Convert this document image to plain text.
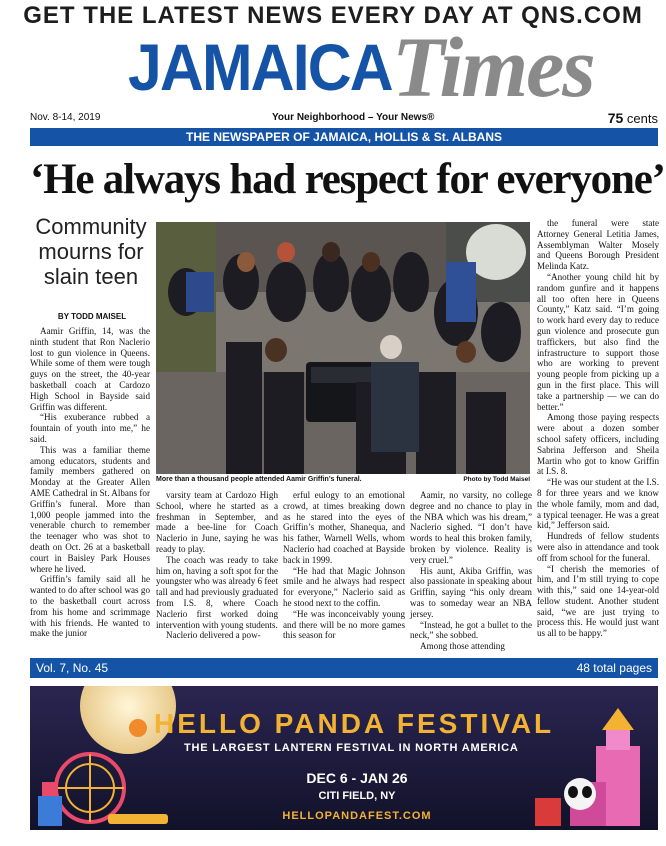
GET THE LATEST NEWS EVERY DAY AT QNS.COM
JAMAICA Times
Nov. 8-14, 2019	Your Neighborhood – Your News®	75 cents
THE NEWSPAPER OF JAMAICA, HOLLIS & St. ALBANS
‘He always had respect for everyone’
Community mourns for slain teen
BY TODD MAISEL

Aamir Griffin, 14, was the ninth student that Ron Naclerio lost to gun violence in Queens. While some of them were tough guys on the street, the 40-year basketball coach at Cardozo High School in Bayside said Griffin was different.

“His exuberance rubbed a fountain of youth into me,” he said.

This was a familiar theme among educators, students and family members gathered on Monday at the Greater Allen AME Cathedral in St. Albans for Griffin’s funeral. More than 1,000 people jammed into the venerable church to remember the teenager who was shot to death on Oct. 26 at a basketball court in Baisley Park Houses where he lived.

Griffin’s family said all he wanted to do after school was go to the basketball court across from his home and scrimmage with his friends. He wanted to make the junior

More than a thousand people attended Aamir Griffin’s funeral.	Photo by Todd Maisel

varsity team at Cardozo High School, where he started as a freshman in September, and made a bee-line for Coach Naclerio in June, saying he was ready to play.

The coach was ready to take him on, having a soft spot for the youngster who was already 6 feet tall and had previously graduated from I.S. 8, where Coach Naclerio first worked doing intervention with young students.

Naclerio delivered a pow-

erful eulogy to an emotional crowd, at times breaking down as he stared into the eyes of Griffin’s mother, Shanequa, and his father, Warnell Wells, whom Naclerio had coached at Bayside back in 1999.

“He had that Magic Johnson smile and he always had respect for everyone,” Naclerio said as he stood next to the coffin.

“He was inconceivably young and there will be no more games this season for

Aamir, no varsity, no college degree and no chance to play in the NBA which was his dream,” Naclerio sighed. “I don’t have words to heal this broken family, broken by violence. Reality is very cruel.”

His aunt, Akiba Griffin, was also passionate in speaking about Griffin, saying “his only dream was to someday wear an NBA jersey.

“Instead, he got a bullet to the neck,” she sobbed.

Among those attending

the funeral were state Attorney General Letitia James, Assemblyman Walter Mosely and Queens Borough President Melinda Katz.

“Another young child hit by random gunfire and it happens all too often here in Queens County,” Katz said. “I’m going to work hard every day to reduce gun violence and prosecute gun traffickers, but also find the infrastructure to support those who are working to prevent young people from picking up a gun in the first place. This will take a partnership — we can do better.”

Among those paying respects were about a dozen somber school safety officers, including Sabrina Jefferson and Sheila Martin who got to know Griffin at I.S. 8.

“He was our student at the I.S. 8 for three years and we know the whole family, mom and dad, a typical teenager. He was a great kid,” Jefferson said.

Hundreds of fellow students were also in attendance and took off from school for the funeral.

“I cherish the memories of him, and I’m still trying to cope with this,” said one 14-year-old fellow student. Another student said, “we are just trying to process this. He would just want us all to be happy.”

Vol. 7, No. 45	48 total pages
HELLO PANDA FESTIVAL
THE LARGEST LANTERN FESTIVAL IN NORTH AMERICA
DEC 6 - JAN 26
CITI FIELD, NY
HELLOPANDAFEST.COM
